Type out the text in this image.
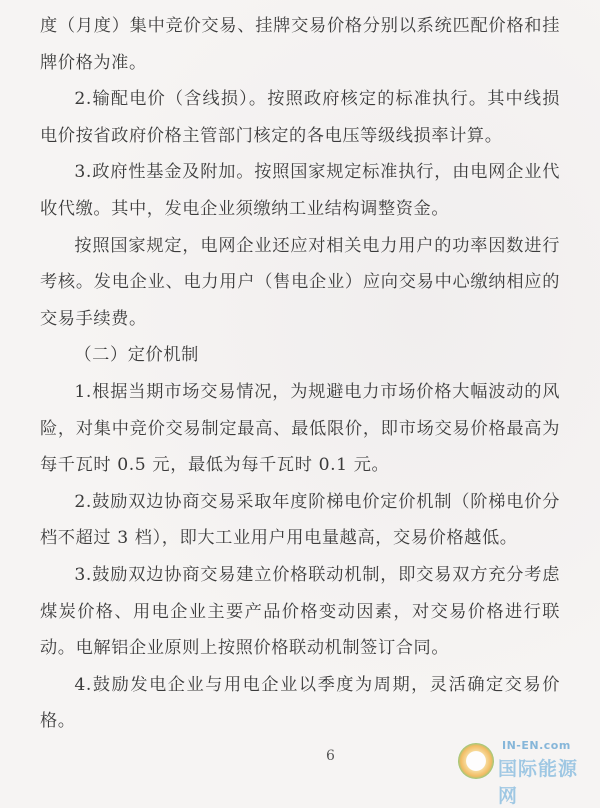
度（月度）集中竞价交易、挂牌交易价格分别以系统匹配价格和挂牌价格为准。

2.输配电价（含线损）。按照政府核定的标准执行。其中线损电价按省政府价格主管部门核定的各电压等级线损率计算。

3.政府性基金及附加。按照国家规定标准执行，由电网企业代收代缴。其中，发电企业须缴纳工业结构调整资金。

按照国家规定，电网企业还应对相关电力用户的功率因数进行考核。发电企业、电力用户（售电企业）应向交易中心缴纳相应的交易手续费。

（二）定价机制

1.根据当期市场交易情况，为规避电力市场价格大幅波动的风险，对集中竞价交易制定最高、最低限价，即市场交易价格最高为每千瓦时 0.5 元，最低为每千瓦时 0.1 元。

2.鼓励双边协商交易采取年度阶梯电价定价机制（阶梯电价分档不超过 3 档），即大工业用户用电量越高，交易价格越低。

3.鼓励双边协商交易建立价格联动机制，即交易双方充分考虑煤炭价格、用电企业主要产品价格变动因素，对交易价格进行联动。电解铝企业原则上按照价格联动机制签订合同。

4.鼓励发电企业与用电企业以季度为周期，灵活确定交易价格。

6
IN-EN.com
国际能源网
